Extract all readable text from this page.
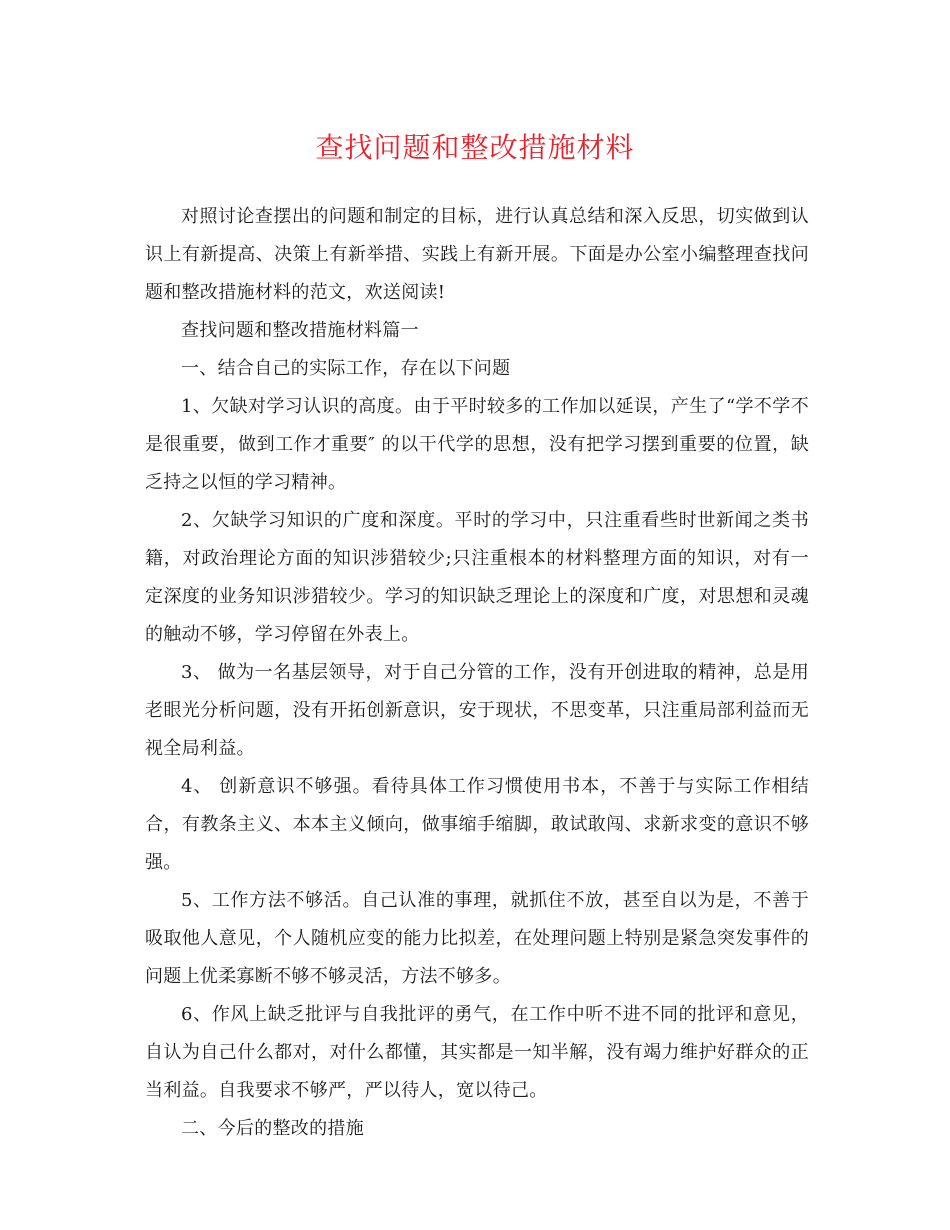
查找问题和整改措施材料

对照讨论查摆出的问题和制定的目标，进行认真总结和深入反思，切实做到认识上有新提高、决策上有新举措、实践上有新开展。下面是办公室小编整理查找问题和整改措施材料的范文，欢送阅读!

查找问题和整改措施材料篇一

一、结合自己的实际工作，存在以下问题

1、欠缺对学习认识的高度。由于平时较多的工作加以延误，产生了“学不学不是很重要，做到工作才重要″ 的以干代学的思想，没有把学习摆到重要的位置，缺乏持之以恒的学习精神。

2、欠缺学习知识的广度和深度。平时的学习中，只注重看些时世新闻之类书籍，对政治理论方面的知识涉猎较少;只注重根本的材料整理方面的知识，对有一定深度的业务知识涉猎较少。学习的知识缺乏理论上的深度和广度，对思想和灵魂的触动不够，学习停留在外表上。

3、 做为一名基层领导，对于自己分管的工作，没有开创进取的精神，总是用老眼光分析问题，没有开拓创新意识，安于现状，不思变革，只注重局部利益而无视全局利益。

4、 创新意识不够强。看待具体工作习惯使用书本，不善于与实际工作相结合，有教条主义、本本主义倾向，做事缩手缩脚，敢试敢闯、求新求变的意识不够强。

5、工作方法不够活。自己认准的事理，就抓住不放，甚至自以为是，不善于吸取他人意见，个人随机应变的能力比拟差，在处理问题上特别是紧急突发事件的问题上优柔寡断不够不够灵活，方法不够多。

6、作风上缺乏批评与自我批评的勇气，在工作中听不进不同的批评和意见，自认为自己什么都对，对什么都懂，其实都是一知半解，没有竭力维护好群众的正当利益。自我要求不够严，严以待人，宽以待己。

二、今后的整改的措施
